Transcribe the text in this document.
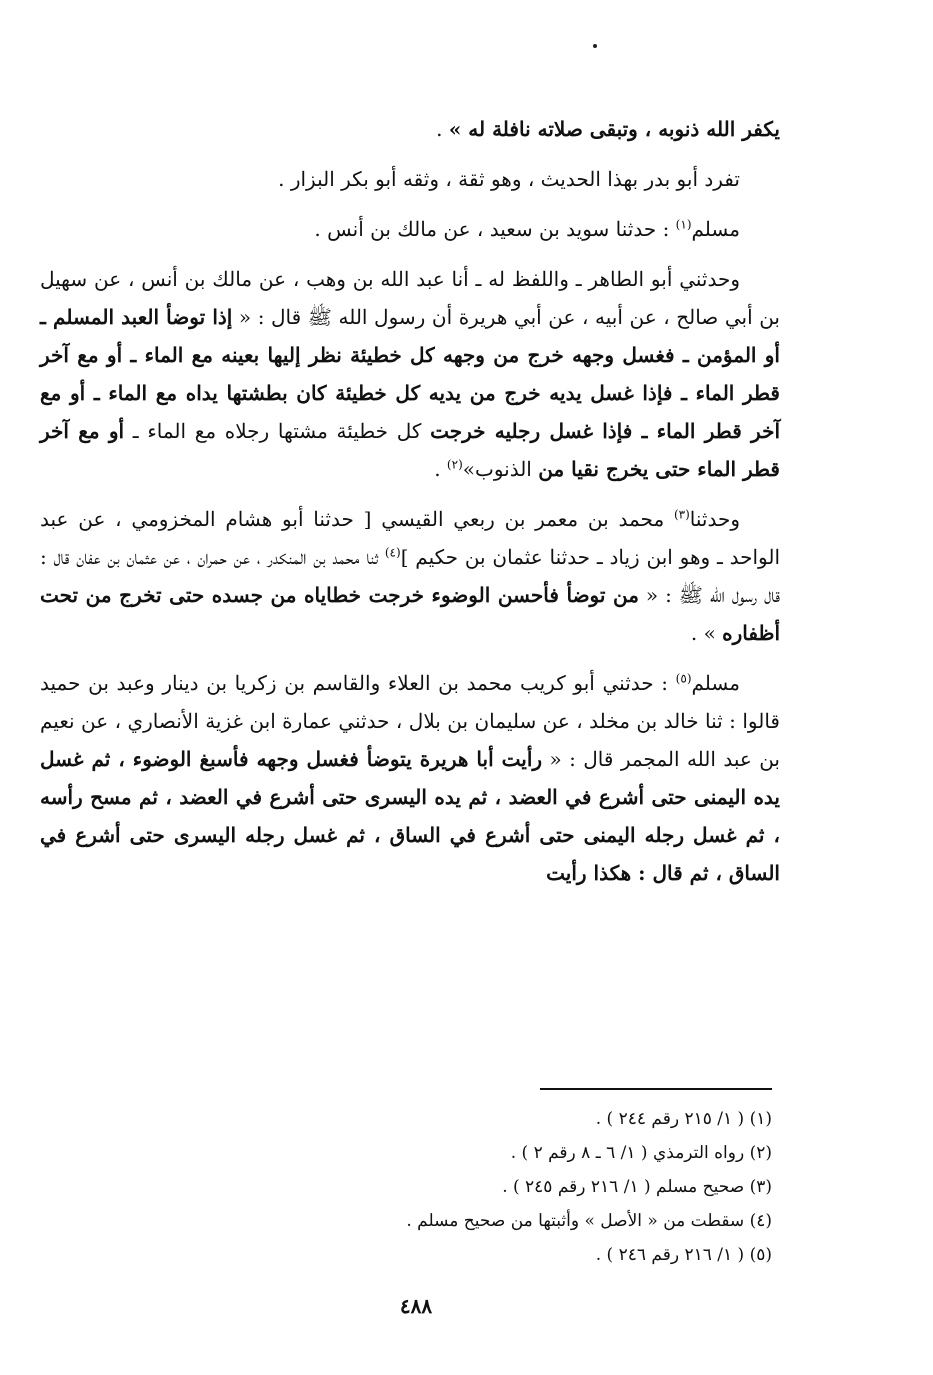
يكفر الله ذنوبه ، وتبقى صلاته نافلة له » .

تفرد أبو بدر بهذا الحديث ، وهو ثقة ، وثقه أبو بكر البزار .

مسلم$^{(١)}$ : حدثنا سويد بن سعيد ، عن مالك بن أنس .

وحدثني أبو الطاهر ـ واللفظ له ـ أنا عبد الله بن وهب ، عن مالك بن أنس ، عن سهيل بن أبي صالح ، عن أبيه ، عن أبي هريرة أن رسول الله ﷺ قال : « إذا توضأ العبد المسلم ـ أو المؤمن ـ فغسل وجهه خرج من وجهه كل خطيئة نظر إليها بعينه مع الماء ـ أو مع آخر قطر الماء ـ فإذا غسل يديه خرج من يديه كل خطيئة كان بطشتها يداه مع الماء ـ أو مع آخر قطر الماء ـ فإذا غسل رجليه خرجت كل خطيئة مشتها رجلاه مع الماء ـ أو مع آخر قطر الماء حتى يخرج نقيا من الذنوب»$^{(٢)}$ .

وحدثنا$^{(٣)}$ محمد بن معمر بن ربعي القيسي [ حدثنا أبو هشام المخزومي ، عن عبد الواحد ـ وهو ابن زياد ـ حدثنا عثمان بن حكيم ]$^{(٤)}$ ثنا محمد بن المنكدر ، عن حمران ، عن عثمان بن عفان قال : قال رسول الله ﷺ : « من توضأ فأحسن الوضوء خرجت خطاياه من جسده حتى تخرج من تحت أظفاره » .

مسلم$^{(٥)}$ : حدثني أبو كريب محمد بن العلاء والقاسم بن زكريا بن دينار وعبد بن حميد قالوا : ثنا خالد بن مخلد ، عن سليمان بن بلال ، حدثني عمارة ابن غزية الأنصاري ، عن نعيم بن عبد الله المجمر قال : « رأيت أبا هريرة يتوضأ فغسل وجهه فأسبغ الوضوء ، ثم غسل يده اليمنى حتى أشرع في العضد ، ثم يده اليسرى حتى أشرع في العضد ، ثم مسح رأسه ، ثم غسل رجله اليمنى حتى أشرع في الساق ، ثم غسل رجله اليسرى حتى أشرع في الساق ، ثم قال : هكذا رأيت

(١) ( ١/ ٢١٥ رقم ٢٤٤ ) .

(٢) رواه الترمذي ( ١/ ٦ ـ ٨ رقم ٢ ) .

(٣) صحيح مسلم ( ١/ ٢١٦ رقم ٢٤٥ ) .

(٤) سقطت من « الأصل » وأثبتها من صحيح مسلم .

(٥) ( ١/ ٢١٦ رقم ٢٤٦ ) .

٤٨٨
